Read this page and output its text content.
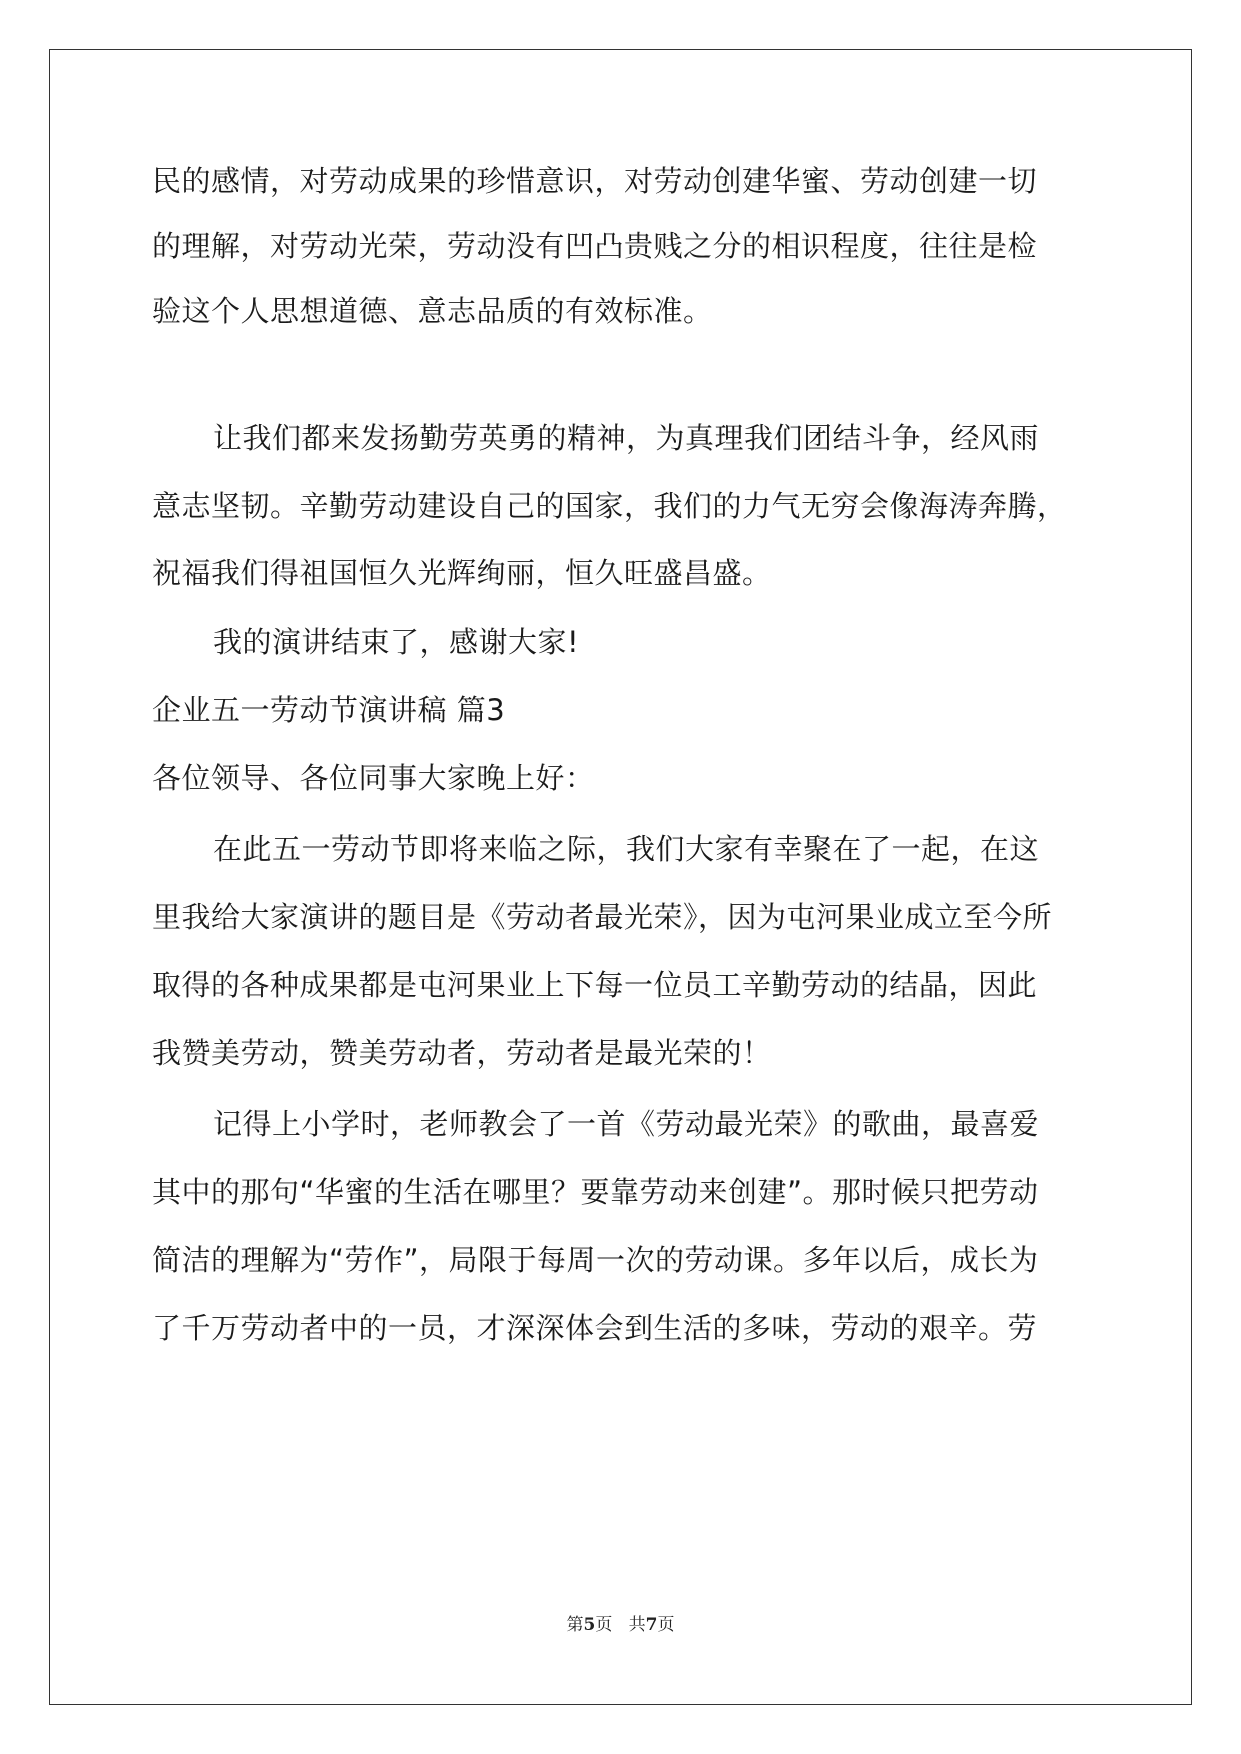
民的感情，对劳动成果的珍惜意识，对劳动创建华蜜、劳动创建一切
的理解，对劳动光荣，劳动没有凹凸贵贱之分的相识程度，往往是检
验这个人思想道德、意志品质的有效标准。
让我们都来发扬勤劳英勇的精神，为真理我们团结斗争，经风雨
意志坚韧。辛勤劳动建设自己的国家，我们的力气无穷会像海涛奔腾，
祝福我们得祖国恒久光辉绚丽，恒久旺盛昌盛。
我的演讲结束了，感谢大家!
企业五一劳动节演讲稿 篇3
各位领导、各位同事大家晚上好：
在此五一劳动节即将来临之际，我们大家有幸聚在了一起，在这
里我给大家演讲的题目是《劳动者最光荣》，因为屯河果业成立至今所
取得的各种成果都是屯河果业上下每一位员工辛勤劳动的结晶，因此
我赞美劳动，赞美劳动者，劳动者是最光荣的！
记得上小学时，老师教会了一首《劳动最光荣》的歌曲，最喜爱
其中的那句“华蜜的生活在哪里？要靠劳动来创建”。那时候只把劳动
简洁的理解为“劳作”，局限于每周一次的劳动课。多年以后，成长为
了千万劳动者中的一员，才深深体会到生活的多味，劳动的艰辛。劳
第5页 共7页
